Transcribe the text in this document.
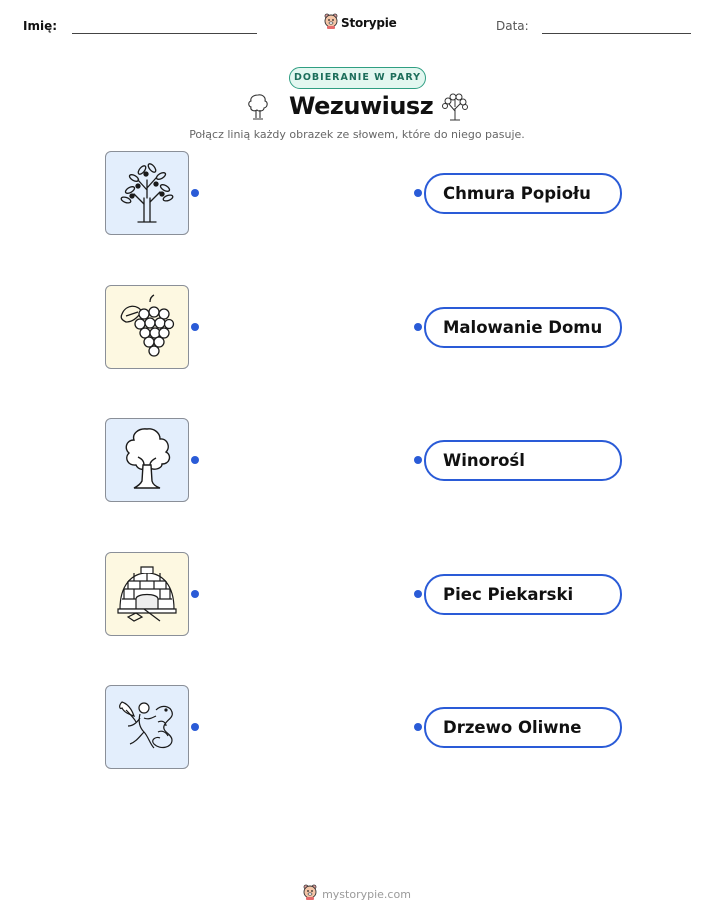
Imię:	Storypie	Data:
DOBIERANIE W PARY
Wezuwiusz
Połącz linią każdy obrazek ze słowem, które do niego pasuje.
Chmura Popiołu
Malowanie Domu
Winorośl
Piec Piekarski
Drzewo Oliwne
mystorypie.com
